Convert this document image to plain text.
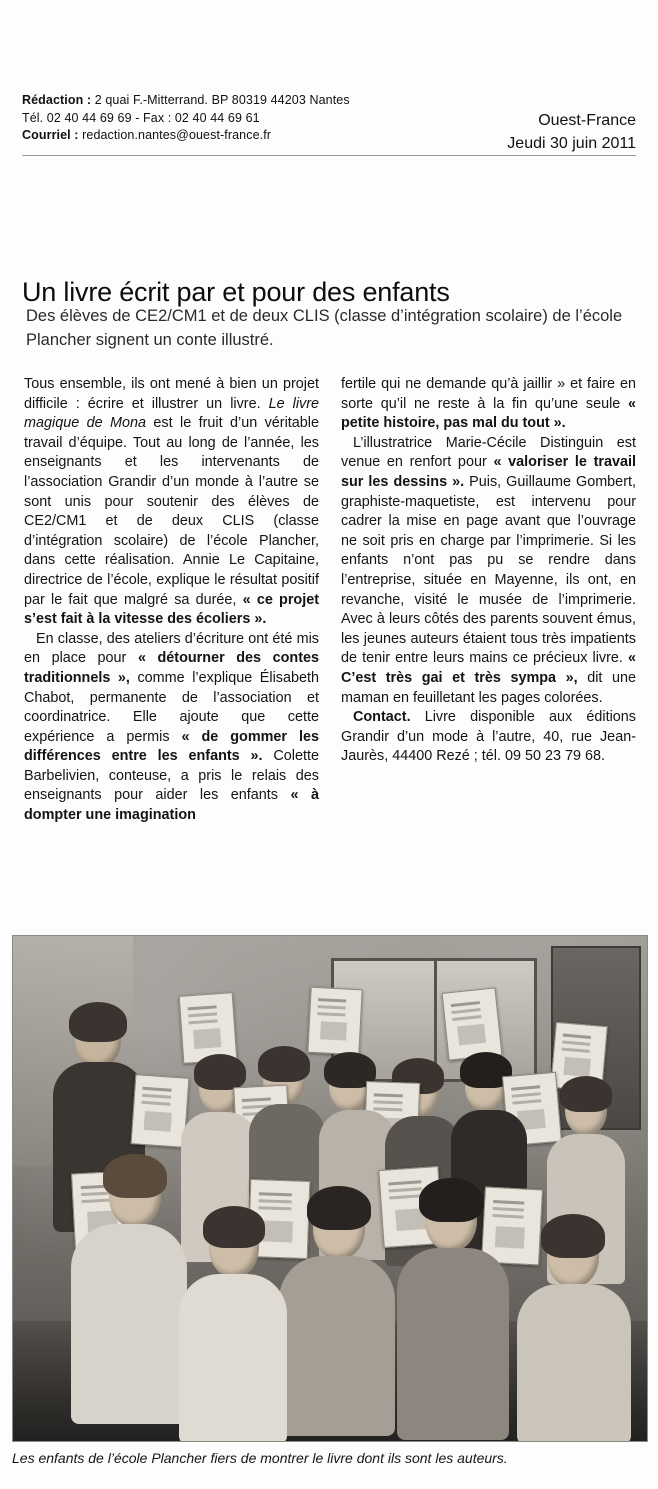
Rédaction : 2 quai F.-Mitterrand. BP 80319 44203 Nantes
Tél. 02 40 44 69 69 - Fax : 02 40 44 69 61
Courriel : redaction.nantes@ouest-france.fr
Ouest-France
Jeudi 30 juin 2011
Un livre écrit par et pour des enfants
Des élèves de CE2/CM1 et de deux CLIS (classe d’intégration scolaire) de l’école Plancher signent un conte illustré.

Tous ensemble, ils ont mené à bien un projet difficile : écrire et illustrer un livre. Le livre magique de Mona est le fruit d’un véritable travail d’équipe. Tout au long de l’année, les enseignants et les intervenants de l’association Grandir d’un monde à l’autre se sont unis pour soutenir des élèves de CE2/CM1 et de deux CLIS (classe d’intégration scolaire) de l’école Plancher, dans cette réalisation. Annie Le Capitaine, directrice de l’école, explique le résultat positif par le fait que malgré sa durée, « ce projet s’est fait à la vitesse des écoliers ».

En classe, des ateliers d’écriture ont été mis en place pour « détourner des contes traditionnels », comme l’explique Élisabeth Chabot, permanente de l’association et coordinatrice. Elle ajoute que cette expérience a permis « de gommer les différences entre les enfants ». Colette Barbelivien, conteuse, a pris le relais des enseignants pour aider les enfants « à dompter une imagination

fertile qui ne demande qu’à jaillir » et faire en sorte qu’il ne reste à la fin qu’une seule « petite histoire, pas mal du tout ».

L’illustratrice Marie-Cécile Distinguin est venue en renfort pour « valoriser le travail sur les dessins ». Puis, Guillaume Gombert, graphiste-maquetiste, est intervenu pour cadrer la mise en page avant que l’ouvrage ne soit pris en charge par l’imprimerie. Si les enfants n’ont pas pu se rendre dans l’entreprise, située en Mayenne, ils ont, en revanche, visité le musée de l’imprimerie. Avec à leurs côtés des parents souvent émus, les jeunes auteurs étaient tous très impatients de tenir entre leurs mains ce précieux livre. « C’est très gai et très sympa », dit une maman en feuilletant les pages colorées.

Contact. Livre disponible aux éditions Grandir d’un mode à l’autre, 40, rue Jean-Jaurès, 44400 Rezé ; tél. 09 50 23 79 68.

Les enfants de l’école Plancher fiers de montrer le livre dont ils sont les auteurs.
